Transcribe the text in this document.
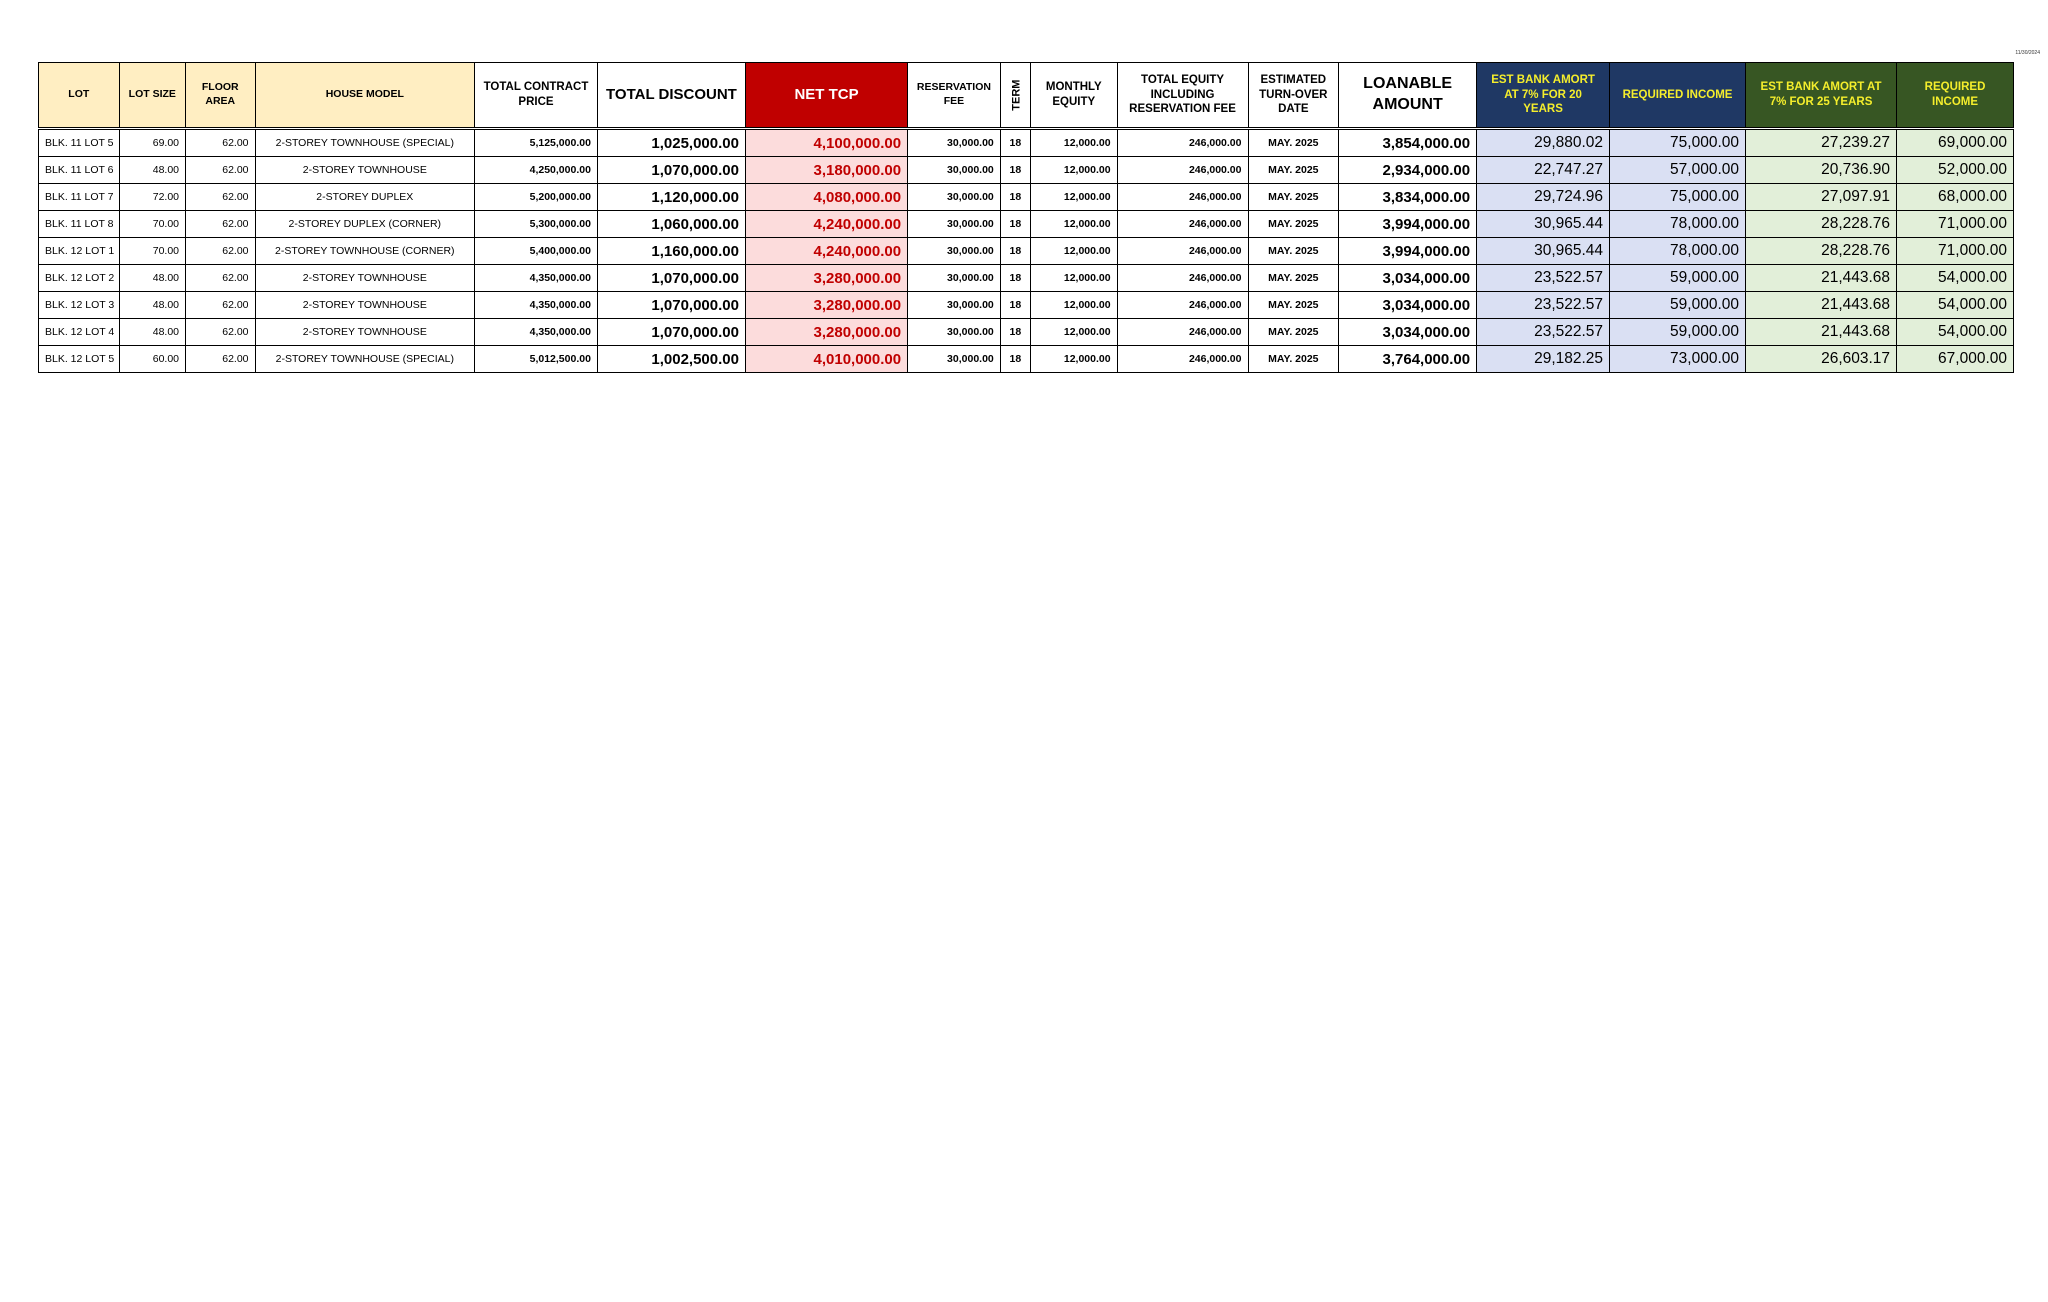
11/30/2024
LOT	LOT SIZE	FLOOR AREA	HOUSE MODEL	TOTAL CONTRACT PRICE	TOTAL DISCOUNT	NET TCP	RESERVATION FEE	TERM	MONTHLY EQUITY	TOTAL EQUITY INCLUDING RESERVATION FEE	ESTIMATED TURN-OVER DATE	LOANABLE AMOUNT	EST BANK AMORT AT 7% FOR 20 YEARS	REQUIRED INCOME	EST BANK AMORT AT 7% FOR 25 YEARS	REQUIRED INCOME
BLK. 11 LOT 5	69.00	62.00	2-STOREY TOWNHOUSE (SPECIAL)	5,125,000.00	1,025,000.00	4,100,000.00	30,000.00	18	12,000.00	246,000.00	MAY. 2025	3,854,000.00	29,880.02	75,000.00	27,239.27	69,000.00
BLK. 11 LOT 6	48.00	62.00	2-STOREY TOWNHOUSE	4,250,000.00	1,070,000.00	3,180,000.00	30,000.00	18	12,000.00	246,000.00	MAY. 2025	2,934,000.00	22,747.27	57,000.00	20,736.90	52,000.00
BLK. 11 LOT 7	72.00	62.00	2-STOREY DUPLEX	5,200,000.00	1,120,000.00	4,080,000.00	30,000.00	18	12,000.00	246,000.00	MAY. 2025	3,834,000.00	29,724.96	75,000.00	27,097.91	68,000.00
BLK. 11 LOT 8	70.00	62.00	2-STOREY DUPLEX (CORNER)	5,300,000.00	1,060,000.00	4,240,000.00	30,000.00	18	12,000.00	246,000.00	MAY. 2025	3,994,000.00	30,965.44	78,000.00	28,228.76	71,000.00
BLK. 12 LOT 1	70.00	62.00	2-STOREY TOWNHOUSE (CORNER)	5,400,000.00	1,160,000.00	4,240,000.00	30,000.00	18	12,000.00	246,000.00	MAY. 2025	3,994,000.00	30,965.44	78,000.00	28,228.76	71,000.00
BLK. 12 LOT 2	48.00	62.00	2-STOREY TOWNHOUSE	4,350,000.00	1,070,000.00	3,280,000.00	30,000.00	18	12,000.00	246,000.00	MAY. 2025	3,034,000.00	23,522.57	59,000.00	21,443.68	54,000.00
BLK. 12 LOT 3	48.00	62.00	2-STOREY TOWNHOUSE	4,350,000.00	1,070,000.00	3,280,000.00	30,000.00	18	12,000.00	246,000.00	MAY. 2025	3,034,000.00	23,522.57	59,000.00	21,443.68	54,000.00
BLK. 12 LOT 4	48.00	62.00	2-STOREY TOWNHOUSE	4,350,000.00	1,070,000.00	3,280,000.00	30,000.00	18	12,000.00	246,000.00	MAY. 2025	3,034,000.00	23,522.57	59,000.00	21,443.68	54,000.00
BLK. 12 LOT 5	60.00	62.00	2-STOREY TOWNHOUSE (SPECIAL)	5,012,500.00	1,002,500.00	4,010,000.00	30,000.00	18	12,000.00	246,000.00	MAY. 2025	3,764,000.00	29,182.25	73,000.00	26,603.17	67,000.00
